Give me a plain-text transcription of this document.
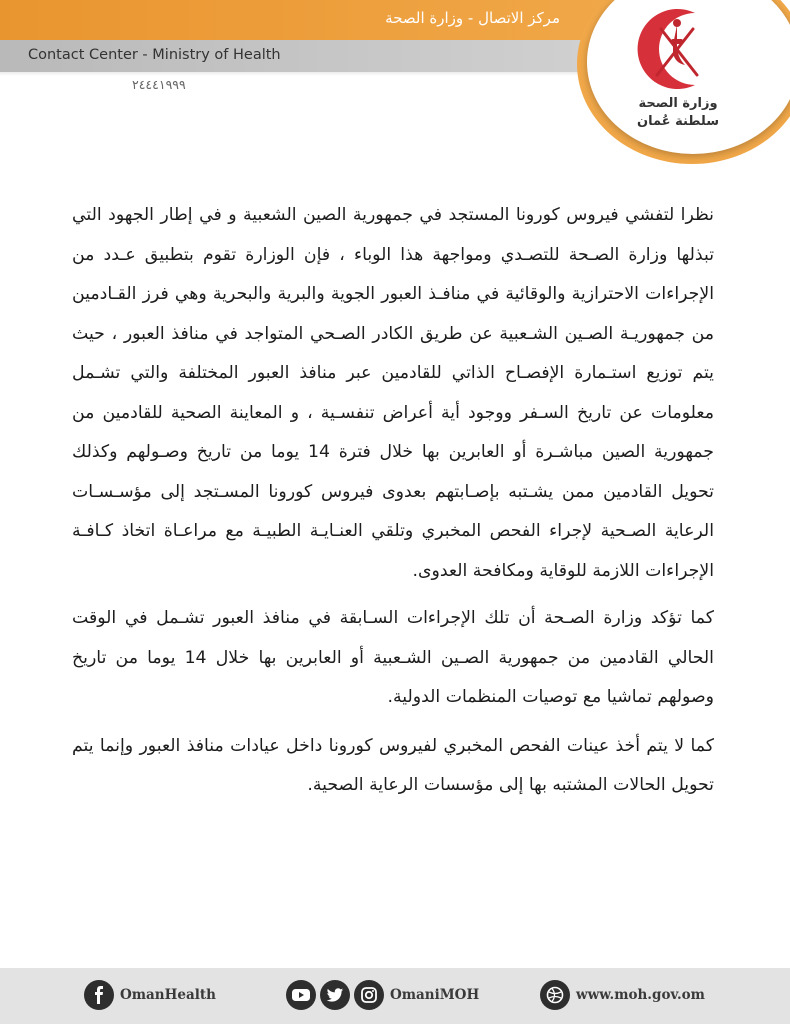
مركز الاتصال - وزارة الصحة
Contact Center - Ministry of Health
٢٤٤٤١٩٩٩
وزارة الصحة
سلطنة عُمان

نظرا لتفشي فيروس كورونا المستجد في جمهورية الصين الشعبية و في إطار الجهود التي تبذلها وزارة الصـحة للتصـدي ومواجهة هذا الوباء ، فإن الوزارة تقوم بتطبيق عـدد من الإجراءات الاحترازية والوقائية في منافـذ العبور الجوية والبرية والبحرية وهي فرز القـادمين من جمهوريـة الصـين الشـعبية عن طريق الكادر الصـحي المتواجد في منافذ العبور ، حيث يتم توزيع استـمارة الإفصـاح الذاتي للقادمين عبر منافذ العبور المختلفة والتي تشـمل معلومات عن تاريخ السـفر ووجود أية أعراض تنفسـية ، و المعاينة الصحية للقادمين من جمهورية الصين مباشـرة أو العابرين بها خلال فترة 14 يوما من تاريخ وصـولهم وكذلك تحويل القادمين ممن يشـتبه بإصـابتهم بعدوى فيروس كورونا المسـتجد إلى مؤسـسـات الرعاية الصـحية لإجراء الفحص المخبري وتلقي العنـايـة الطبيـة مع مراعـاة اتخاذ كـافـة الإجراءات اللازمة للوقاية ومكافحة العدوى.

كما تؤكد وزارة الصـحة أن تلك الإجراءات السـابقة في منافذ العبور تشـمل في الوقت الحالي القادمين من جمهورية الصـين الشـعبية أو العابرين بها خلال 14 يوما من تاريخ وصولهم تماشيا مع توصيات المنظمات الدولية.

كما لا يتم أخذ عينات الفحص المخبري لفيروس كورونا داخل عيادات منافذ العبور وإنما يتم تحويل الحالات المشتبه بها إلى مؤسسات الرعاية الصحية.

OmanHealth	OmaniMOH	www.moh.gov.om
